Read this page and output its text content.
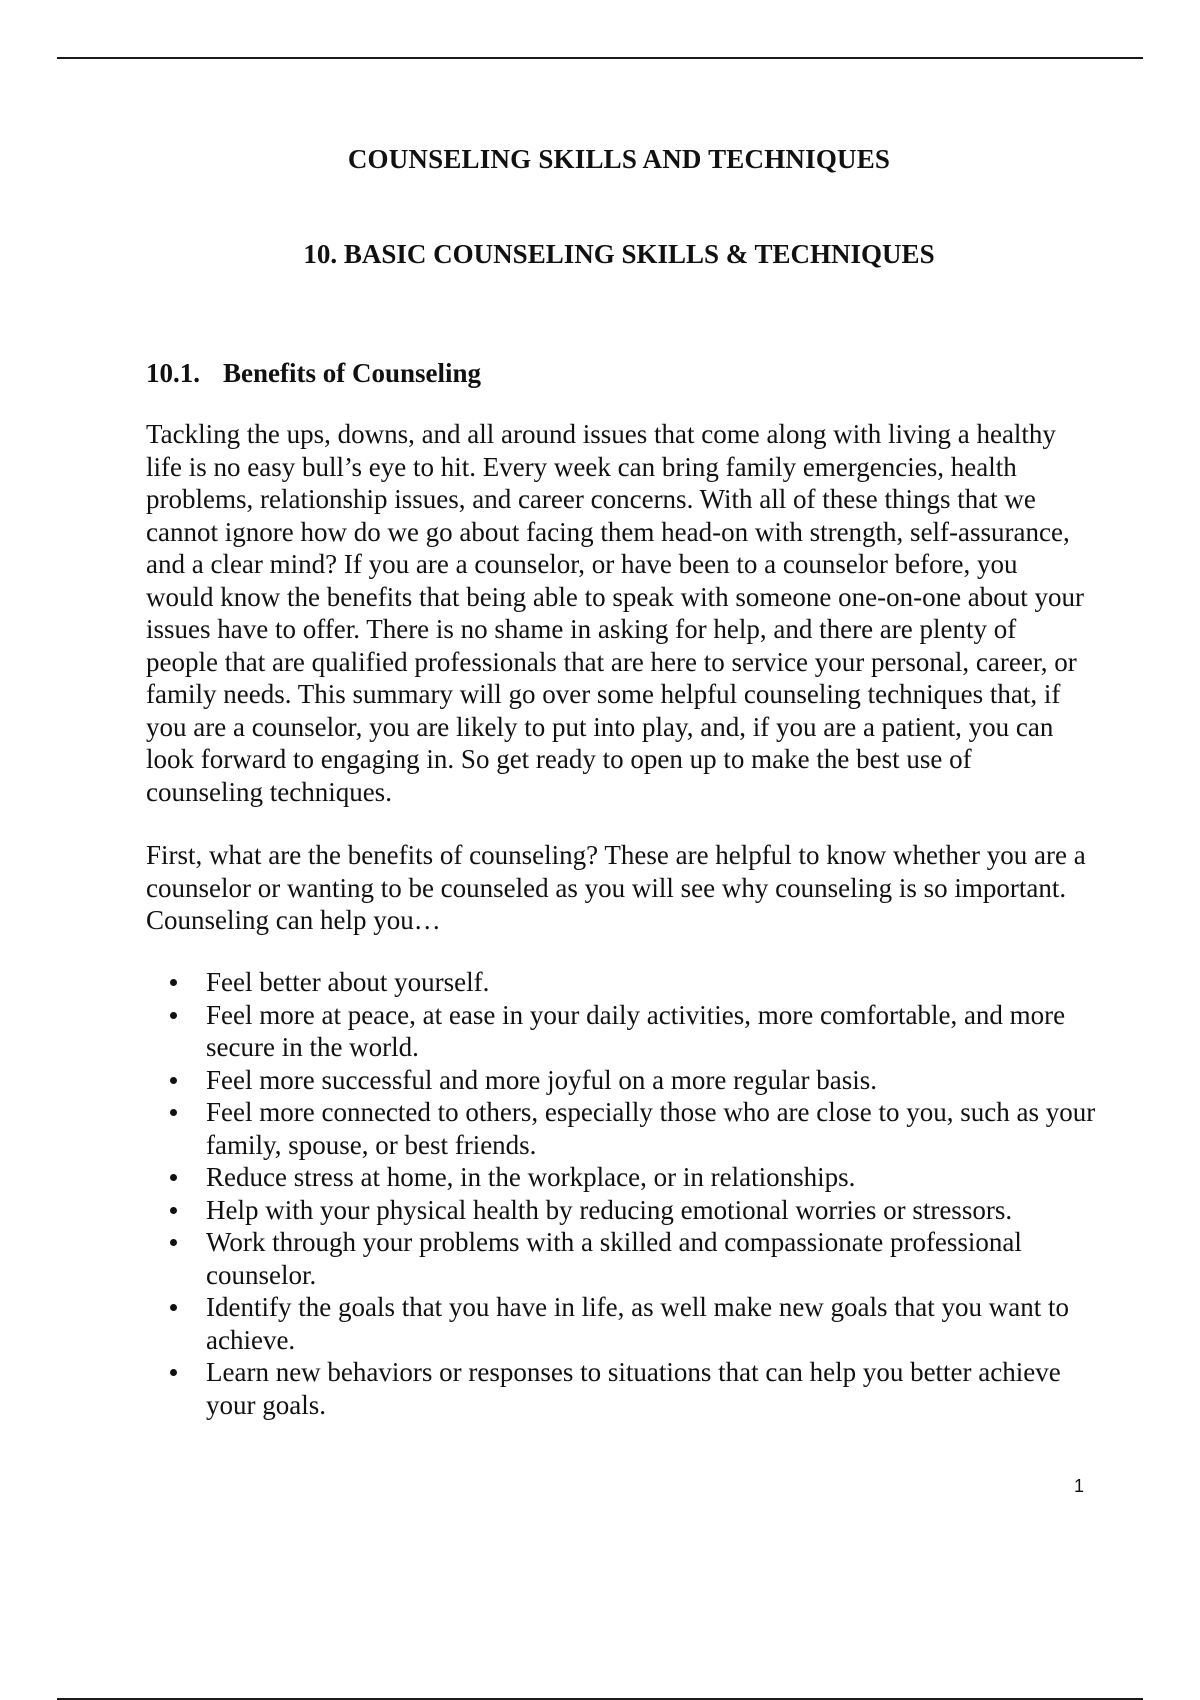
COUNSELING SKILLS AND TECHNIQUES
10. BASIC COUNSELING SKILLS & TECHNIQUES
10.1. Benefits of Counseling
Tackling the ups, downs, and all around issues that come along with living a healthy life is no easy bull’s eye to hit. Every week can bring family emergencies, health problems, relationship issues, and career concerns. With all of these things that we cannot ignore how do we go about facing them head-on with strength, self-assurance, and a clear mind? If you are a counselor, or have been to a counselor before, you would know the benefits that being able to speak with someone one-on-one about your issues have to offer. There is no shame in asking for help, and there are plenty of people that are qualified professionals that are here to service your personal, career, or family needs. This summary will go over some helpful counseling techniques that, if you are a counselor, you are likely to put into play, and, if you are a patient, you can look forward to engaging in. So get ready to open up to make the best use of counseling techniques.
First, what are the benefits of counseling? These are helpful to know whether you are a counselor or wanting to be counseled as you will see why counseling is so important. Counseling can help you…
Feel better about yourself.
Feel more at peace, at ease in your daily activities, more comfortable, and more secure in the world.
Feel more successful and more joyful on a more regular basis.
Feel more connected to others, especially those who are close to you, such as your family, spouse, or best friends.
Reduce stress at home, in the workplace, or in relationships.
Help with your physical health by reducing emotional worries or stressors.
Work through your problems with a skilled and compassionate professional counselor.
Identify the goals that you have in life, as well make new goals that you want to achieve.
Learn new behaviors or responses to situations that can help you better achieve your goals.
1
